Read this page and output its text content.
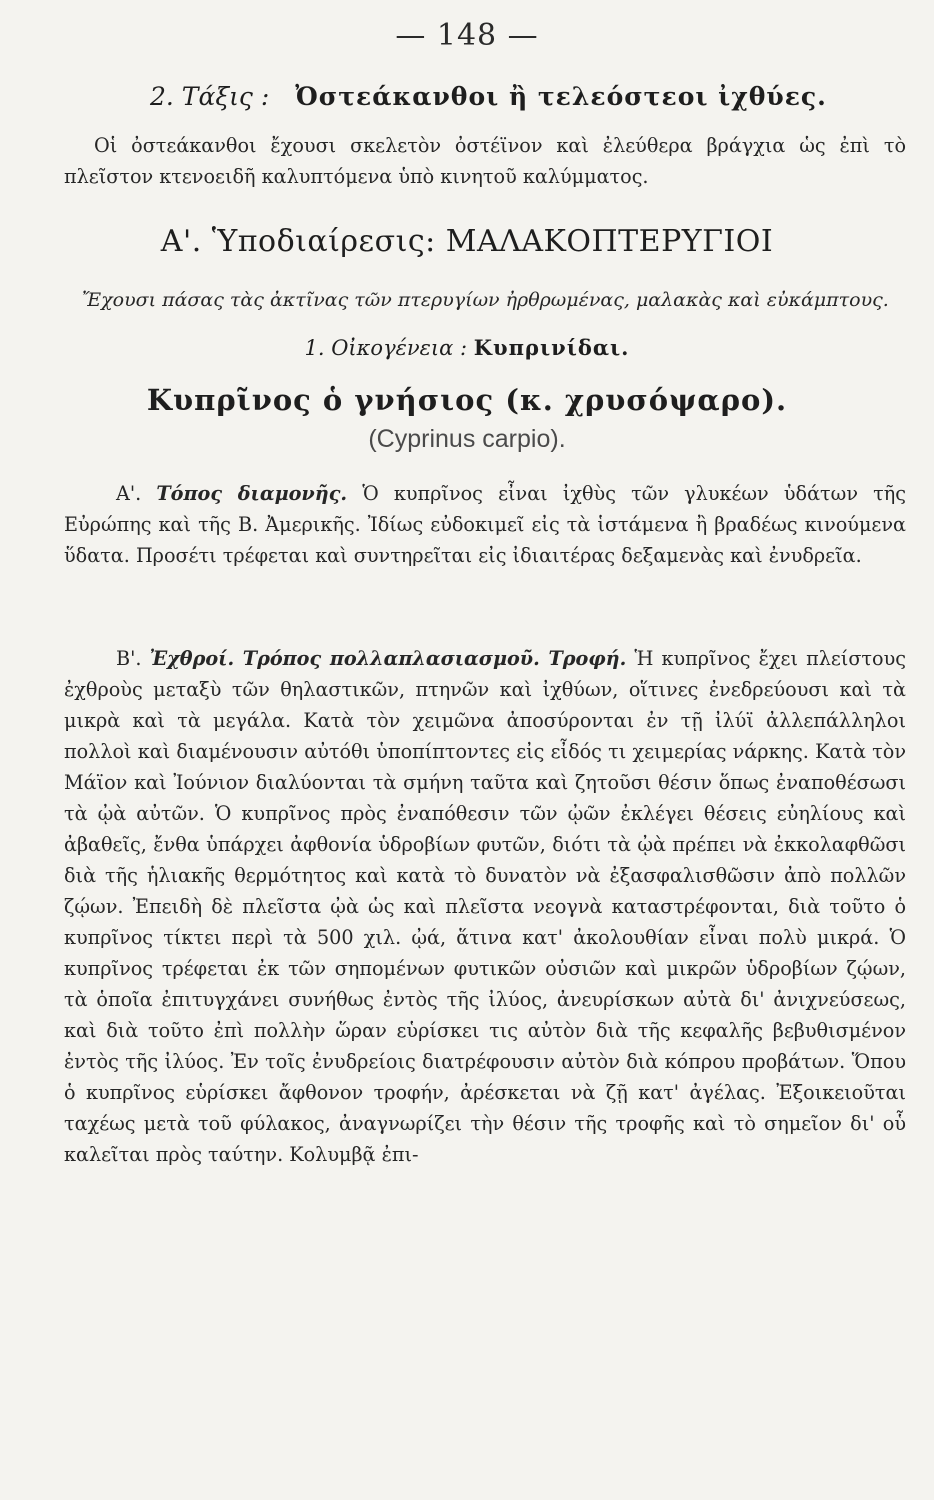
— 148 —
2. Τάξις : Ὀστεάκανθοι ἢ τελεόστεοι ἰχθύες.
Οἱ ὀστεάκανθοι ἔχουσι σκελετὸν ὀστέϊνον καὶ ἐλεύθερα βράγχια ὡς ἐπὶ τὸ πλεῖστον κτενοειδῆ καλυπτόμενα ὑπὸ κινητοῦ καλύμματος.
Α'. Ὑποδιαίρεσις: ΜΑΛΑΚΟΠΤΕΡΥΓΙΟΙ
Ἔχουσι πάσας τὰς ἀκτῖνας τῶν πτερυγίων ἠρθρωμένας, μαλακὰς καὶ εὐκάμπτους.
1. Οἰκογένεια : Κυπρινίδαι.
Κυπρῖνος ὁ γνήσιος (κ. χρυσόψαρο).
(Cyprinus carpio).
Α'. Τόπος διαμονῆς. Ὁ κυπρῖνος εἶναι ἰχθὺς τῶν γλυκέων ὑδάτων τῆς Εὐρώπης καὶ τῆς Β. Ἀμερικῆς. Ἰδίως εὐδοκιμεῖ εἰς τὰ ἱστάμενα ἢ βραδέως κινούμενα ὕδατα. Προσέτι τρέφεται καὶ συντηρεῖται εἰς ἰδιαιτέρας δεξαμενὰς καὶ ἐνυδρεῖα.
Β'. Ἐχθροί. Τρόπος πολλαπλασιασμοῦ. Τροφή. Ἡ κυπρῖνος ἔχει πλείστους ἐχθροὺς μεταξὺ τῶν θηλαστικῶν, πτηνῶν καὶ ἰχθύων, οἵτινες ἐνεδρεύουσι καὶ τὰ μικρὰ καὶ τὰ μεγάλα. Κατὰ τὸν χειμῶνα ἀποσύρονται ἐν τῇ ἰλύϊ ἀλλεπάλληλοι πολλοὶ καὶ διαμένουσιν αὐτόθι ὑποπίπτοντες εἰς εἶδός τι χειμερίας νάρκης. Κατὰ τὸν Μάϊον καὶ Ἰούνιον διαλύονται τὰ σμήνη ταῦτα καὶ ζητοῦσι θέσιν ὅπως ἐναποθέσωσι τὰ ᾠὰ αὐτῶν. Ὁ κυπρῖνος πρὸς ἐναπόθεσιν τῶν ᾠῶν ἐκλέγει θέσεις εὐηλίους καὶ ἀβαθεῖς, ἔνθα ὑπάρχει ἀφθονία ὑδροβίων φυτῶν, διότι τὰ ᾠὰ πρέπει νὰ ἐκκολαφθῶσι διὰ τῆς ἡλιακῆς θερμότητος καὶ κατὰ τὸ δυνατὸν νὰ ἐξασφαλισθῶσιν ἀπὸ πολλῶν ζῴων. Ἐπειδὴ δὲ πλεῖστα ᾠὰ ὡς καὶ πλεῖστα νεογνὰ καταστρέφονται, διὰ τοῦτο ὁ κυπρῖνος τίκτει περὶ τὰ 500 χιλ. ᾠά, ἅτινα κατ' ἀκολουθίαν εἶναι πολὺ μικρά. Ὁ κυπρῖνος τρέφεται ἐκ τῶν σηπομένων φυτικῶν οὐσιῶν καὶ μικρῶν ὑδροβίων ζῴων, τὰ ὁποῖα ἐπιτυγχάνει συνήθως ἐντὸς τῆς ἰλύος, ἀνευρίσκων αὐτὰ δι' ἀνιχνεύσεως, καὶ διὰ τοῦτο ἐπὶ πολλὴν ὥραν εὑρίσκει τις αὐτὸν διὰ τῆς κεφαλῆς βεβυθισμένον ἐντὸς τῆς ἰλύος. Ἐν τοῖς ἐνυδρείοις διατρέφουσιν αὐτὸν διὰ κόπρου προβάτων. Ὅπου ὁ κυπρῖνος εὑρίσκει ἄφθονον τροφήν, ἀρέσκεται νὰ ζῇ κατ' ἀγέλας. Ἐξοικειοῦται ταχέως μετὰ τοῦ φύλακος, ἀναγνωρίζει τὴν θέσιν τῆς τροφῆς καὶ τὸ σημεῖον δι' οὗ καλεῖται πρὸς ταύτην. Κολυμβᾷ ἐπι-
